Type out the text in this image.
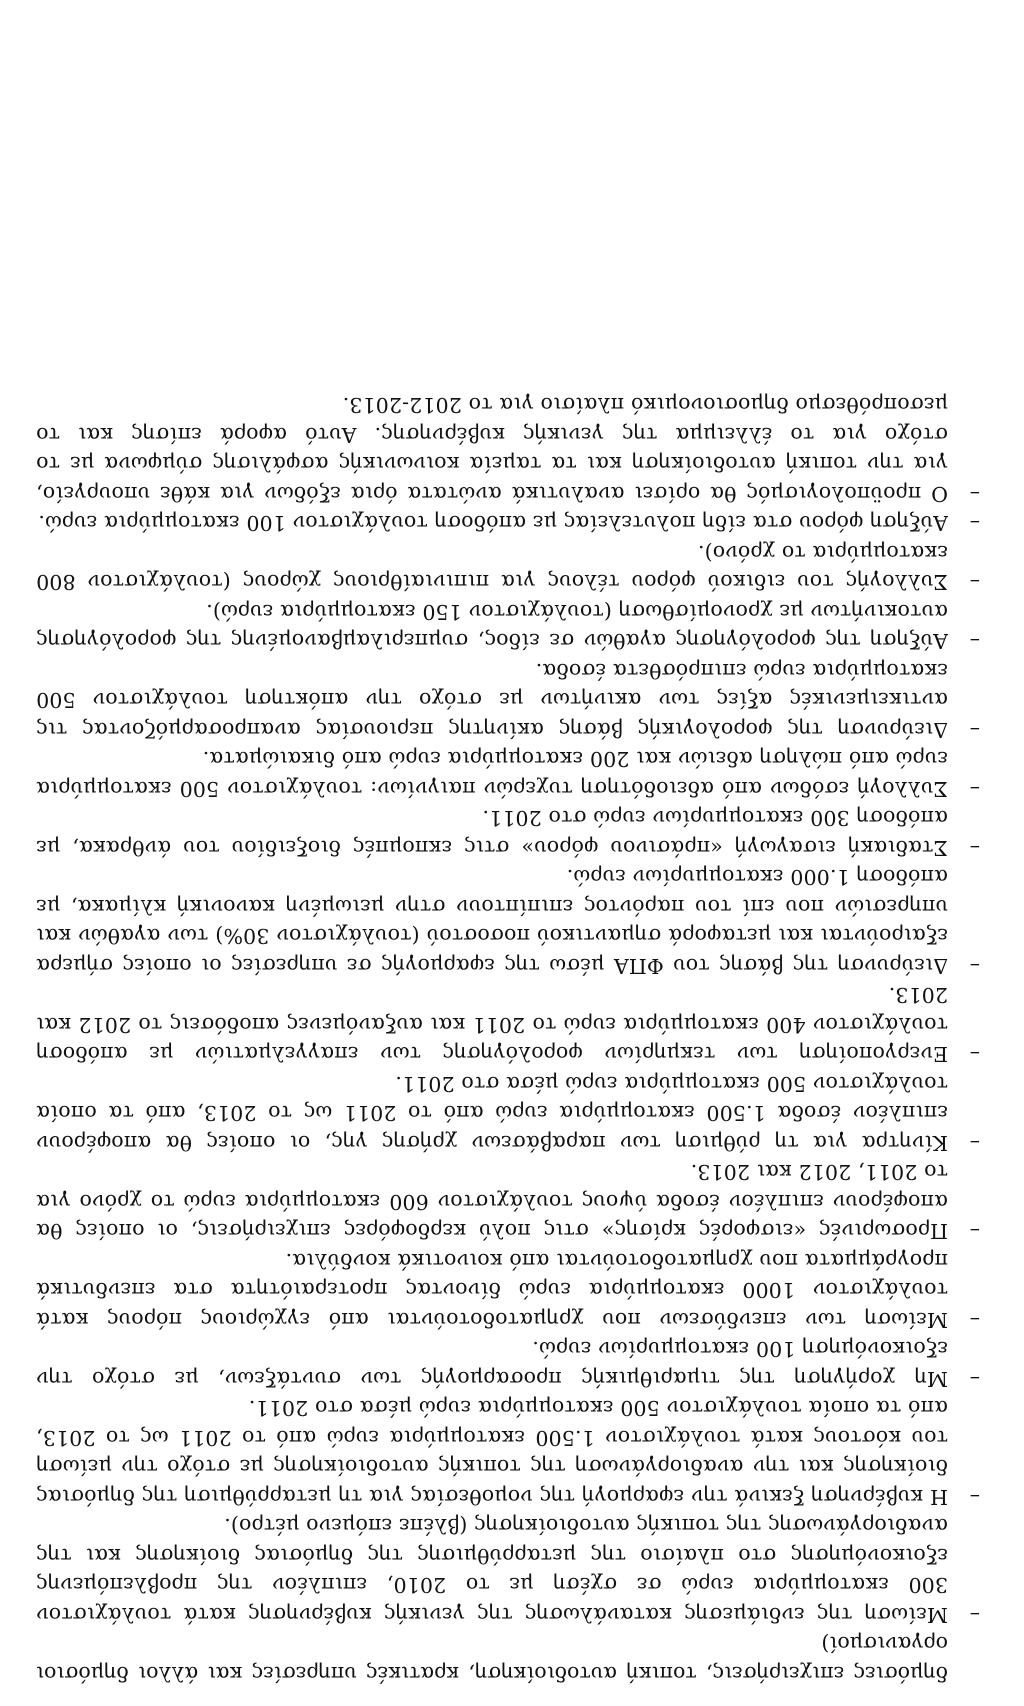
δημόσιες επιχειρήσεις, τοπική αυτοδιοίκηση, κρατικές υπηρεσίες και άλλοι δημόσιοι οργανισμοί)

–
Μείωση της ενδιάμεσης κατανάλωσης της γενικής κυβέρνησης κατά τουλάχιστον 300 εκατομμύρια ευρώ σε σχέση με το 2010, επιπλέον της προβλεπόμενης εξοικονόμησης στο πλαίσιο της μεταρρύθμισης της δημόσιας διοίκησης και της αναδιοργάνωσης της τοπικής αυτοδιοίκησης (βλέπε επόμενο μέτρο).
–
Η κυβέρνηση ξεκινά την εφαρμογή της νομοθεσίας για τη μεταρρύθμιση της δημόσιας διοίκησης και την αναδιοργάνωση της τοπικής αυτοδιοίκησης με στόχο την μείωση του κόστους κατά τουλάχιστον 1.500 εκατομμύρια ευρώ από το 2011 ως το 2013, από τα οποία τουλάχιστον 500 εκατομμύρια ευρώ μέσα στο 2011.
–
Μη χορήγηση της τιμαριθμικής προσαρμογής των συντάξεων, με στόχο την εξοικονόμηση 100 εκατομμυρίων ευρώ.
–
Μείωση των επενδύσεων που χρηματοδοτούνται από εγχώριους πόρους κατά τουλάχιστον 1000 εκατομμύρια ευρώ δίνοντας προτεραιότητα στα επενδυτικά προγράμματα που χρηματοδοτούνται από κοινοτικά κονδύλια.
–
Προσωρινές «εισφορές κρίσης» στις πολύ κερδοφόρες επιχειρήσεις, οι οποίες θα αποφέρουν επιπλέον έσοδα ύψους τουλάχιστον 600 εκατομμύρια ευρώ το χρόνο για το 2011, 2012 και 2013.
–
Κίνητρα για τη ρύθμιση των παραβάσεων χρήσης γης, οι οποίες θα αποφέρουν επιπλέον έσοδα 1.500 εκατομμύρια ευρώ από το 2011 ως το 2013, από τα οποία τουλάχιστον 500 εκατομμύρια ευρώ μέσα στο 2011.
–
Ενεργοποίηση των τεκμηρίων φορολόγησης των επαγγελματιών με απόδοση τουλάχιστον 400 εκατομμύρια ευρώ το 2011 και αυξανόμενες αποδόσεις το 2012 και 2013.
–
Διεύρυνση της βάσης του ΦΠΑ μέσω της εφαρμογής σε υπηρεσίες οι οποίες σήμερα εξαιρούνται και μεταφορά σημαντικού ποσοστού (τουλάχιστον 30%) των αγαθών και υπηρεσιών που επί του παρόντος επιπίπτουν στην μειωμένη κανονική κλίμακα, με απόδοση 1.000 εκατομμυρίων ευρώ.
–
Σταδιακή εισαγωγή «πράσινου φόρου» στις εκπομπές διοξειδίου του άνθρακα, με απόδοση 300 εκατομμυρίων ευρώ στο 2011.
–
Συλλογή εσόδων από αδειοδότηση τυχερών παιγνίων: τουλάχιστον 500 εκατομμύρια ευρώ από πώληση αδειών και 200 εκατομμύρια ευρώ από δικαιώματα.
–
Διεύρυνση της φορολογικής βάσης ακίνητης περιουσίας αναπροσαρμόζοντας τις αντικειμενικές αξίες των ακινήτων με στόχο την απόκτηση τουλάχιστον 500 εκατομμύρια ευρώ επιπρόσθετα έσοδα.
–
Αύξηση της φορολόγησης αγαθών σε είδος, συμπεριλαμβανομένης της φορολόγησης αυτοκινήτων με χρονομίσθωση (τουλάχιστον 150 εκατομμύρια ευρώ).
–
Συλλογής του ειδικού φόρου τέλους για πιπινιαίθριους χώρους (τουλάχιστον 800 εκατομμύρια το χρόνο).
–
Αύξηση φόρου στα είδη πολυτελείας με απόδοση τουλάχιστον 100 εκατομμύρια ευρώ.
–
Ο προϋπολογισμός θα ορίσει αναλυτικά ανώτατα όρια εξόδων για κάθε υπουργείο, για την τοπική αυτοδιοίκηση και τα ταμεία κοινωνικής ασφάλισης σύμφωνα με το στόχο για το έλλειμμα της γενικής κυβέρνησης. Αυτό αφορά επίσης και το μεσοπρόθεσμο δημοσιονομικό πλαίσιο για το 2012-2013.
